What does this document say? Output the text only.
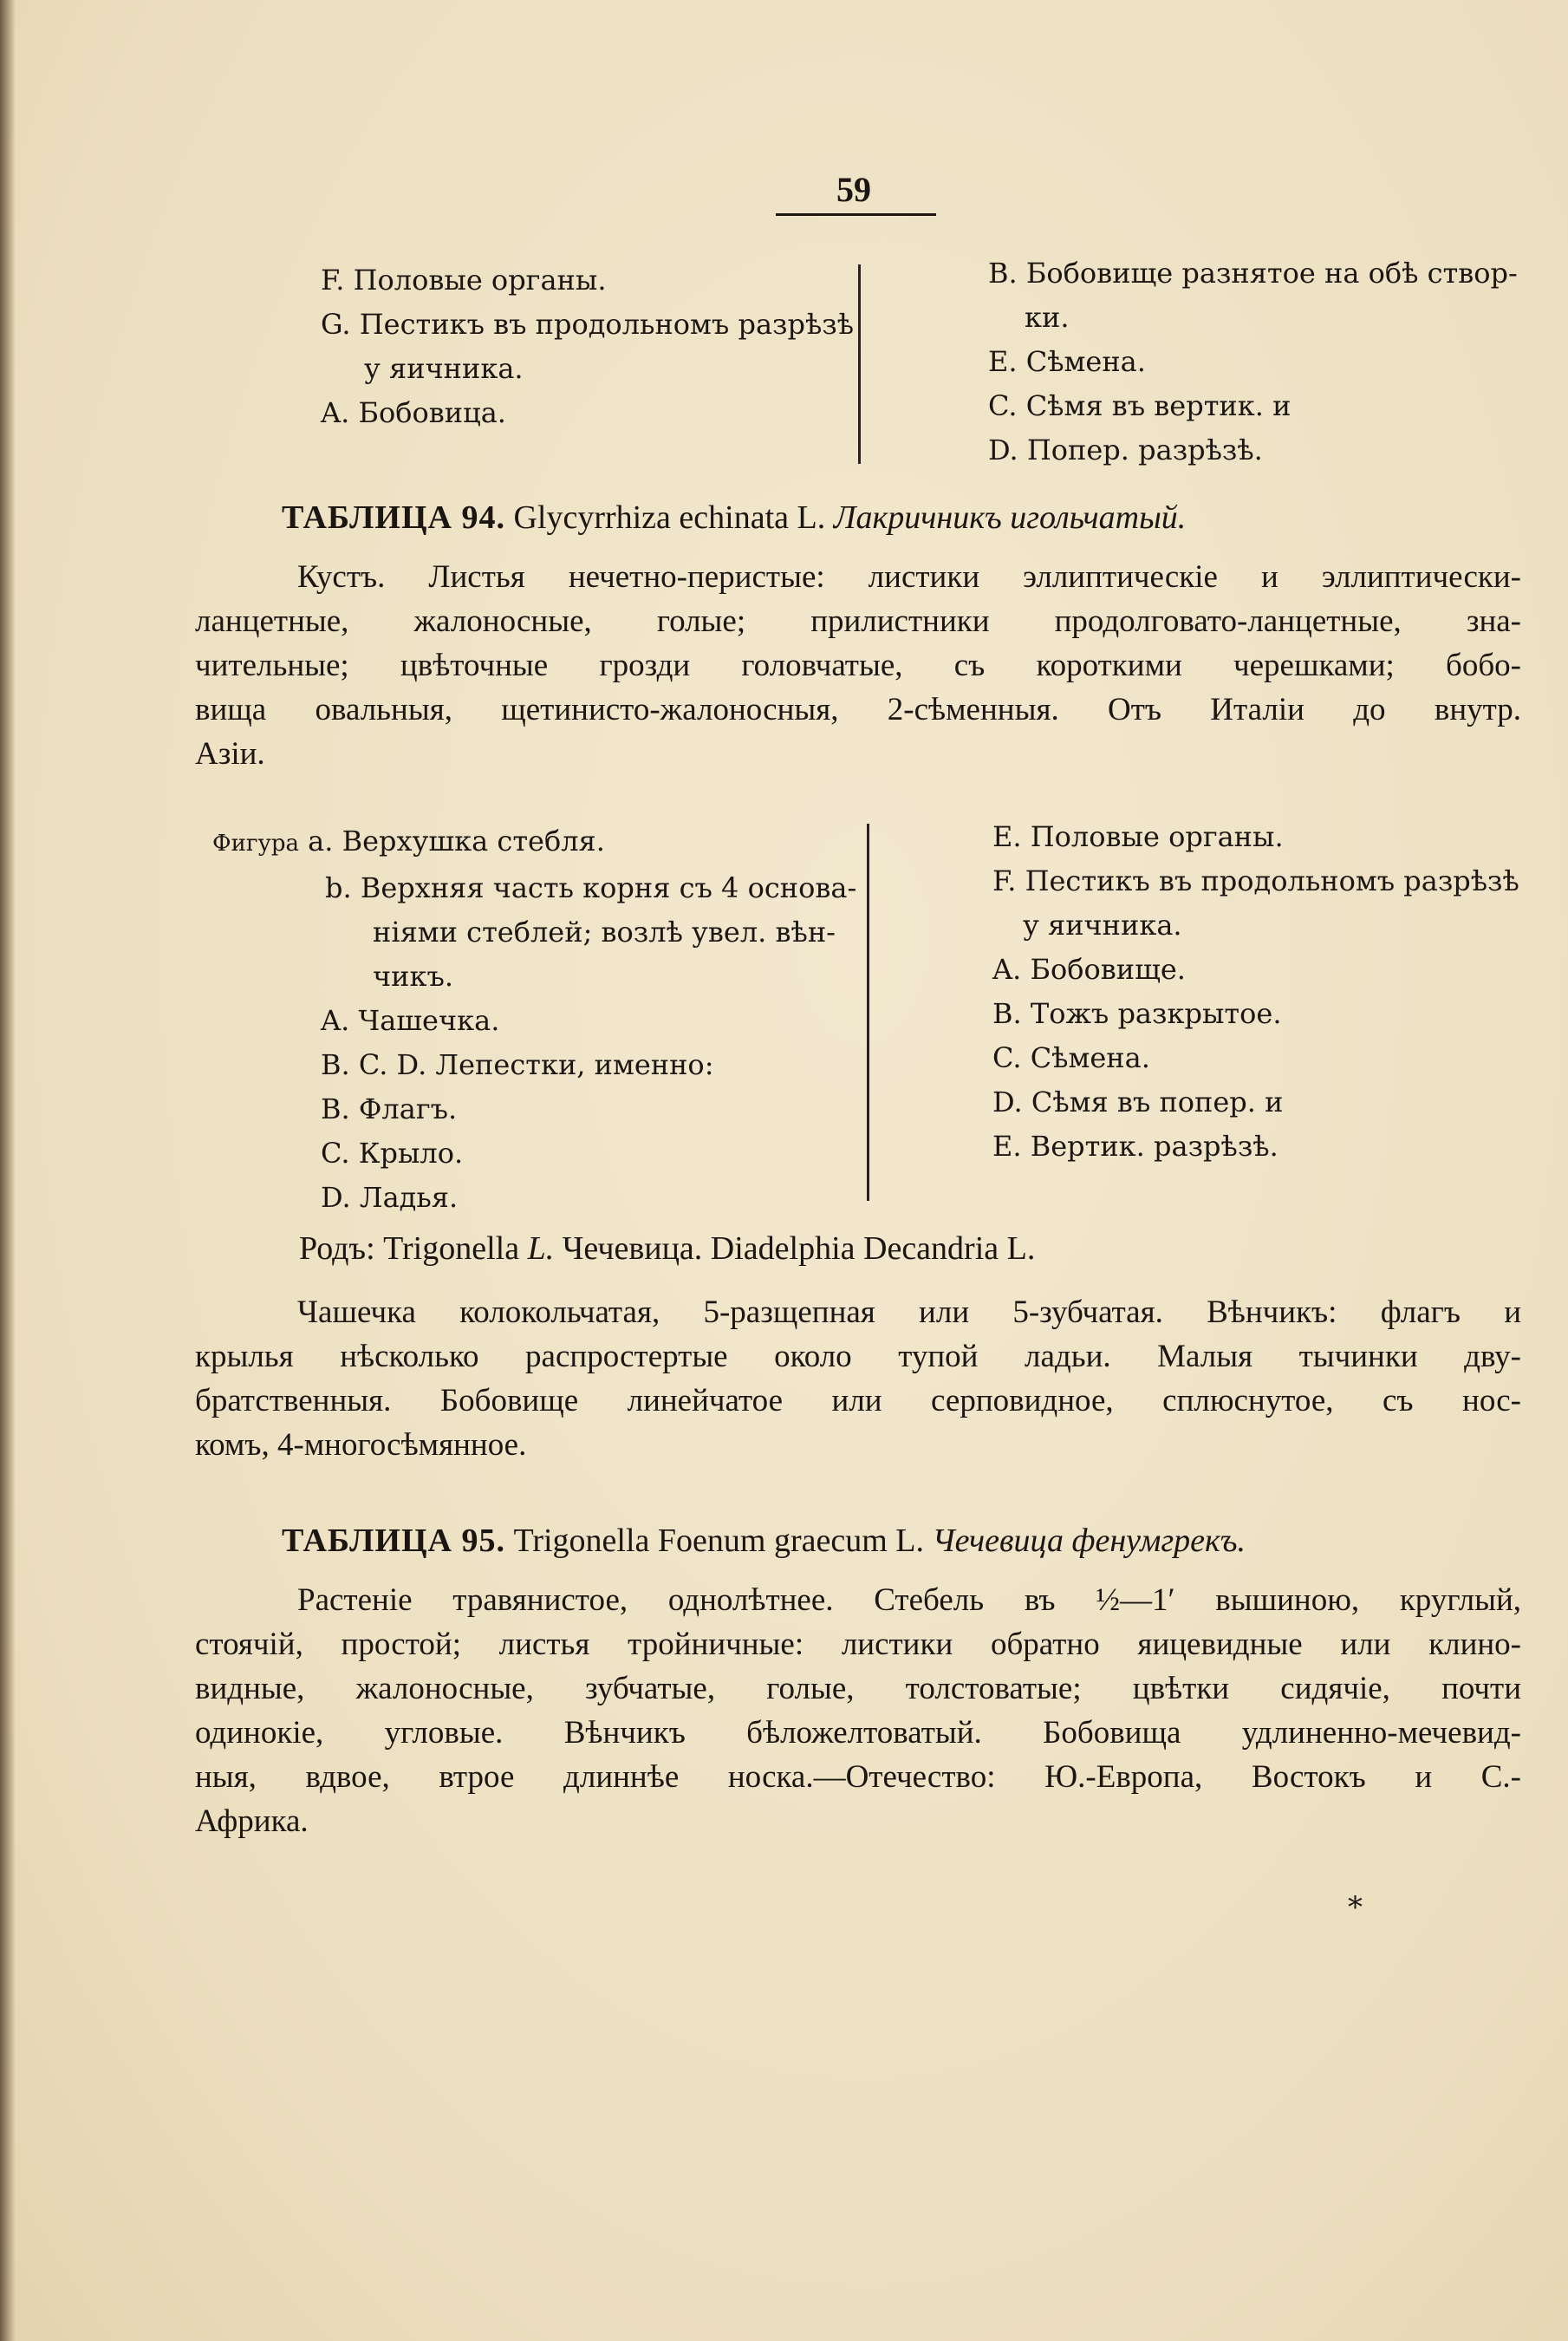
59
F. Половые органы.
G. Пестикъ въ продольномъ разрѣзѣ
у яичника.
A. Бобовица.
B. Бобовище разнятое на обѣ створ-
ки.
E. Сѣмена.
C. Сѣмя въ вертик. и
D. Попер. разрѣзѣ.
ТАБЛИЦА 94. Glycyrrhiza echinata L. Лакричникъ игольчатый.
Кустъ. Листья нечетно-перистые: листики эллиптическіе и эллиптически-
ланцетные, жалоносные, голые; прилистники продолговато-ланцетные, зна-
чительные; цвѣточные грозди головчатые, съ короткими черешками; бобо-
вища овальныя, щетинисто-жалоносныя, 2-сѣменныя. Отъ Италіи до внутр.
Азіи.
Фигура a. Верхушка стебля.
b. Верхняя часть корня съ 4 основа-
ніями стеблей; возлѣ увел. вѣн-
чикъ.
A. Чашечка.
B. C. D. Лепестки, именно:
B. Флагъ.
C. Крыло.
D. Ладья.
E. Половые органы.
F. Пестикъ въ продольномъ разрѣзѣ
у яичника.
A. Бобовище.
B. Тожъ разкрытое.
C. Сѣмена.
D. Сѣмя въ попер. и
E. Вертик. разрѣзѣ.
Родъ: Trigonella L. Чечевица. Diadelphia Decandria L.
Чашечка колокольчатая, 5-разщепная или 5-зубчатая. Вѣнчикъ: флагъ и
крылья нѣсколько распростертые около тупой ладьи. Малыя тычинки дву-
братственныя. Бобовище линейчатое или серповидное, сплюснутое, съ нос-
комъ, 4-многосѣмянное.
ТАБЛИЦА 95. Trigonella Foenum graecum L. Чечевица фенумгрекъ.
Растеніе травянистое, однолѣтнее. Стебель въ ½—1′ вышиною, круглый,
стоячій, простой; листья тройничные: листики обратно яицевидные или клино-
видные, жалоносные, зубчатые, голые, толстоватые; цвѣтки сидячіе, почти
одинокіе, угловые. Вѣнчикъ бѣложелтоватый. Бобовища удлиненно-мечевид-
ныя, вдвое, втрое длиннѣе носка.—Отечество: Ю.-Европа, Востокъ и С.-
Африка.
*
